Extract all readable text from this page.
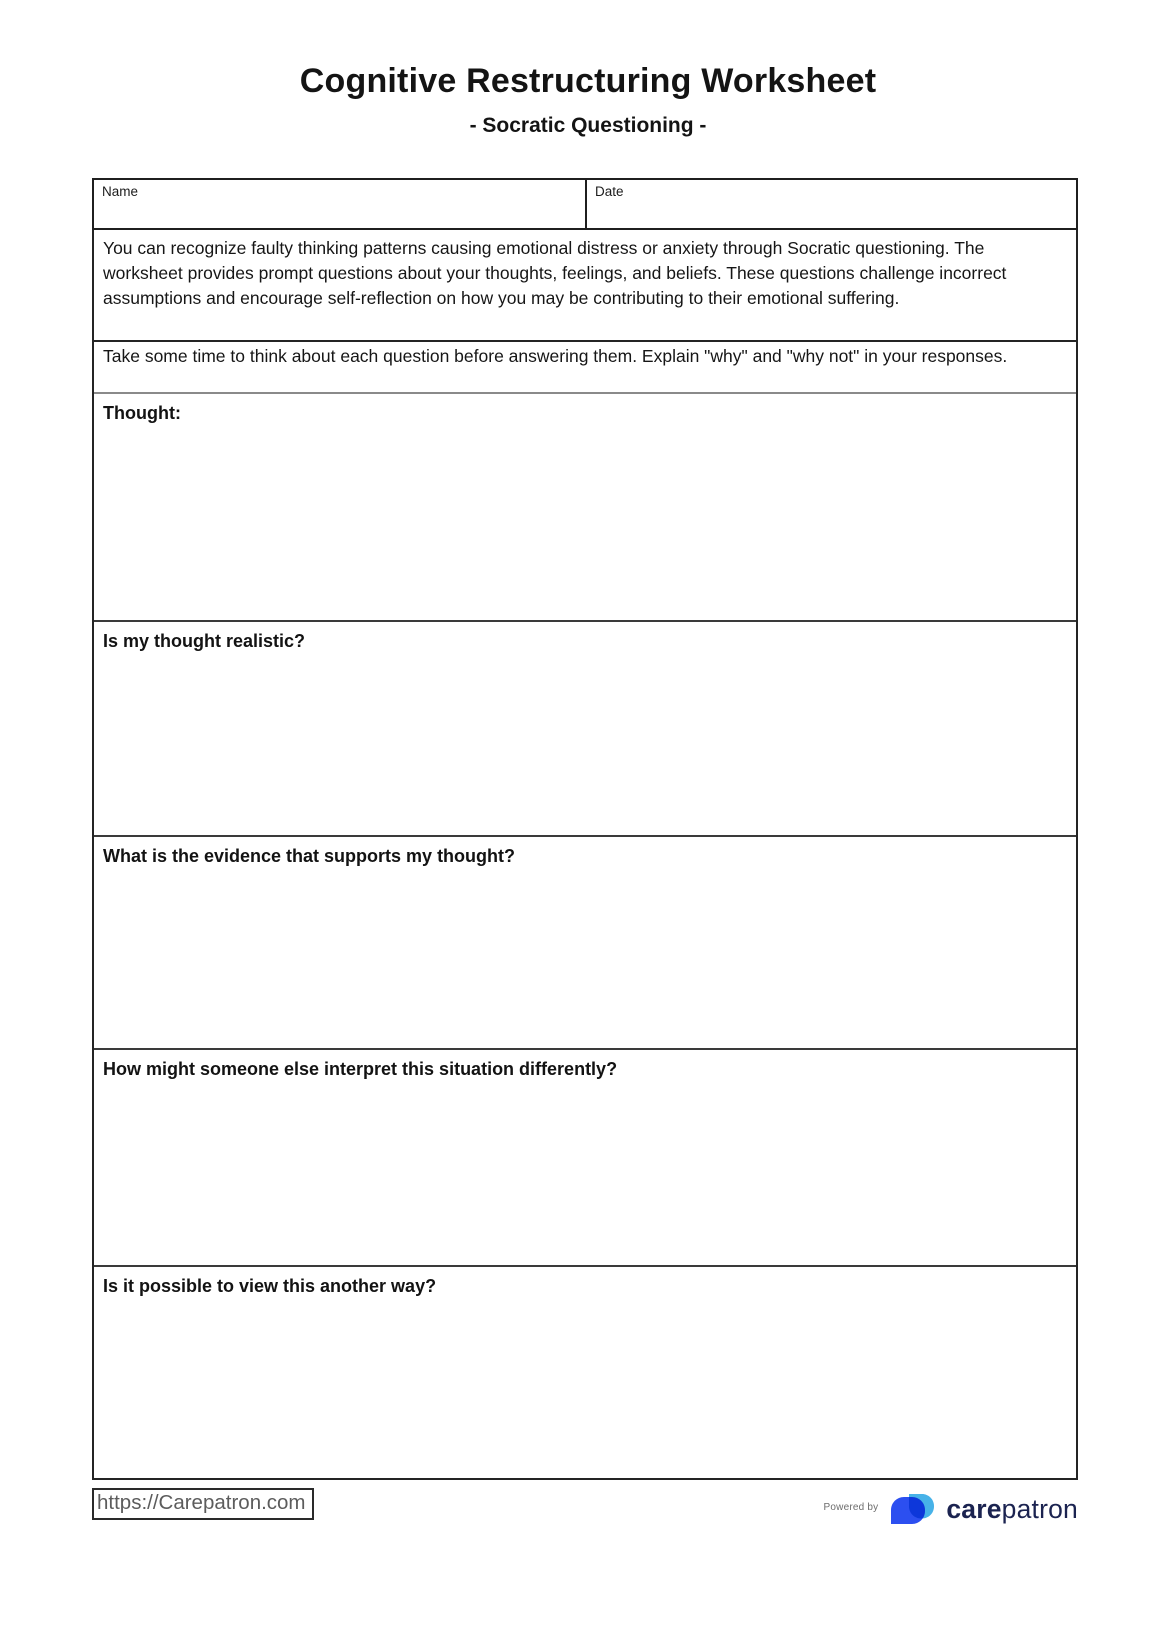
Cognitive Restructuring Worksheet
- Socratic Questioning -
Name	Date
You can recognize faulty thinking patterns causing emotional distress or anxiety through Socratic questioning. The worksheet provides prompt questions about your thoughts, feelings, and beliefs. These questions challenge incorrect assumptions and encourage self-reflection on how you may be contributing to their emotional suffering.
Take some time to think about each question before answering them. Explain "why" and "why not" in your responses.
Thought:
Is my thought realistic?
What is the evidence that supports my thought?
How might someone else interpret this situation differently?
Is it possible to view this another way?
https://Carepatron.com	Powered by	carepatron
